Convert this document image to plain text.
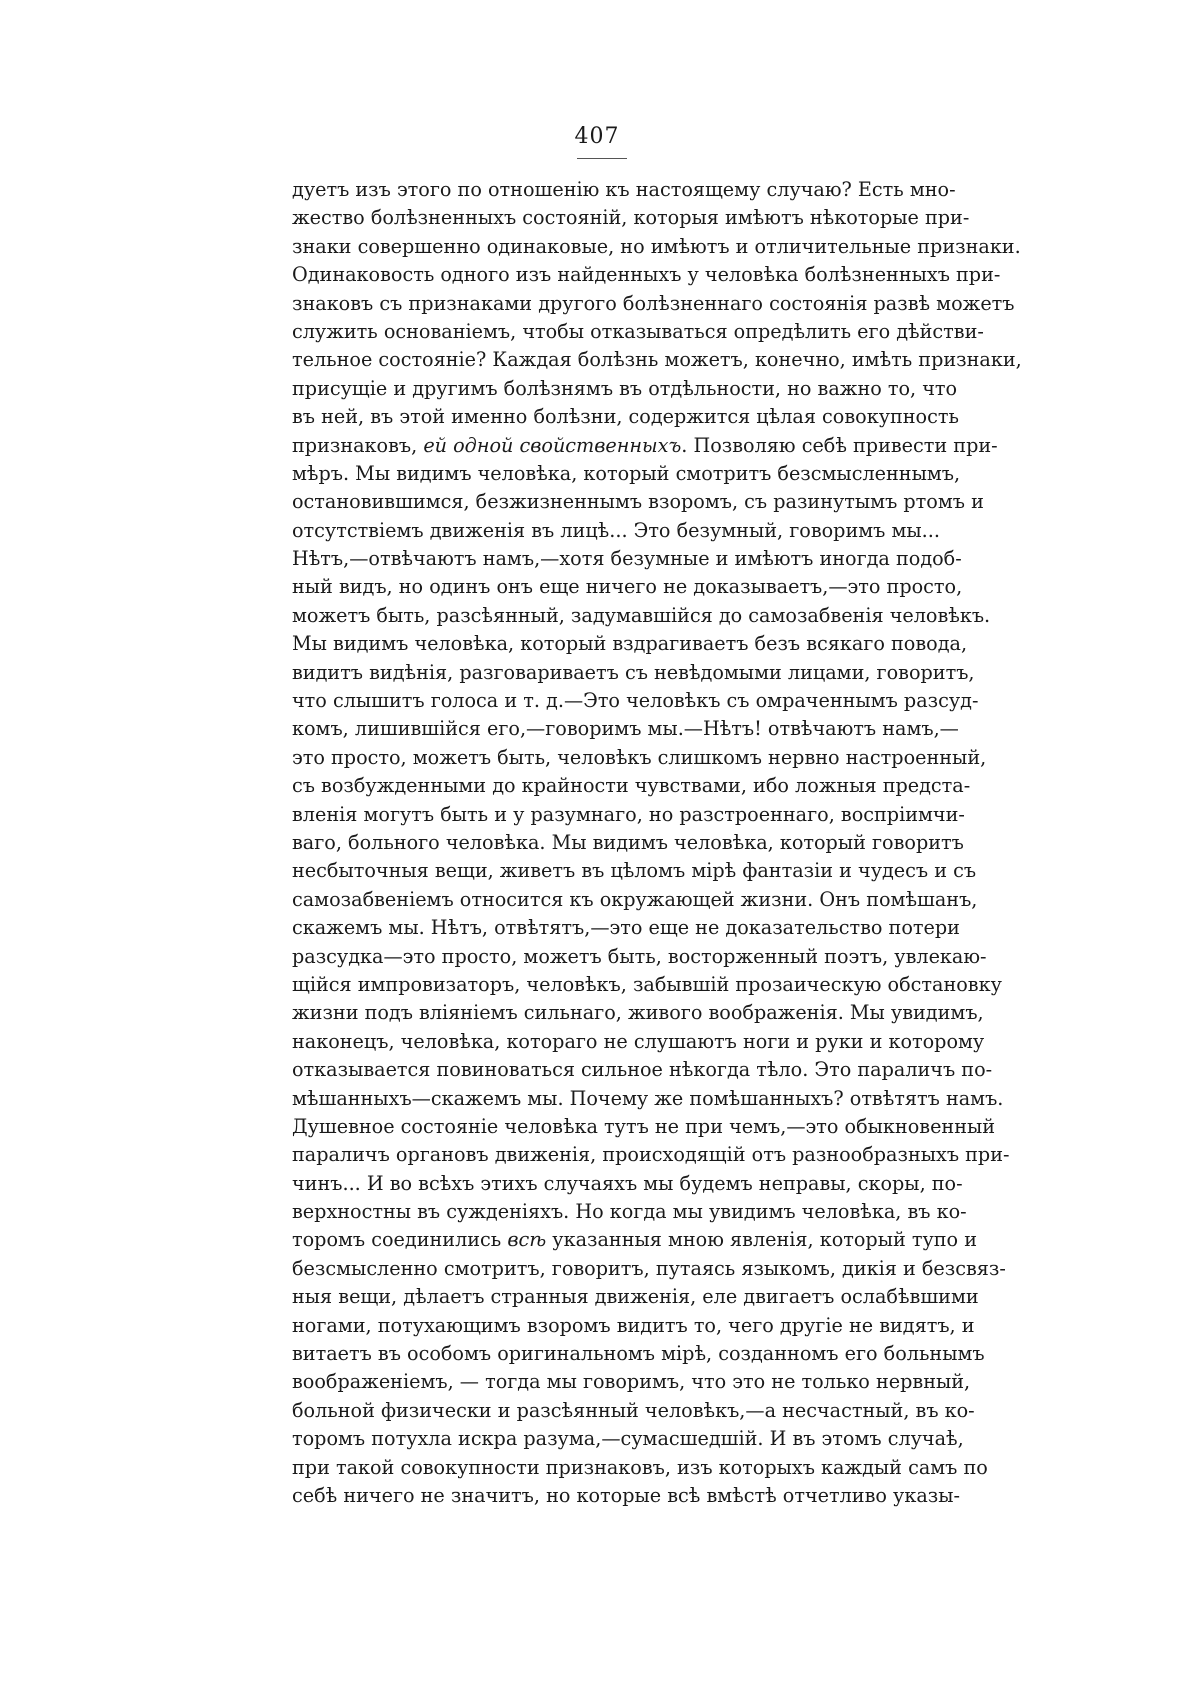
407
дуетъ изъ этого по отношенію къ настоящему случаю? Есть мно-
жество болѣзненныхъ состояній, которыя имѣютъ нѣкоторые при-
знаки совершенно одинаковые, но имѣютъ и отличительные признаки.
Одинаковость одного изъ найденныхъ у человѣка болѣзненныхъ при-
знаковъ съ признаками другого болѣзненнаго состоянія развѣ можетъ
служить основаніемъ, чтобы отказываться опредѣлить его дѣйстви-
тельное состояніе? Каждая болѣзнь можетъ, конечно, имѣть признаки,
присущіе и другимъ болѣзнямъ въ отдѣльности, но важно то, что
въ ней, въ этой именно болѣзни, содержится цѣлая совокупность
признаковъ, ей одной свойственныхъ. Позволяю себѣ привести при-
мѣръ. Мы видимъ человѣка, который смотритъ безсмысленнымъ,
остановившимся, безжизненнымъ взоромъ, съ разинутымъ ртомъ и
отсутствіемъ движенія въ лицѣ... Это безумный, говоримъ мы...
Нѣтъ,—отвѣчаютъ намъ,—хотя безумные и имѣютъ иногда подоб-
ный видъ, но одинъ онъ еще ничего не доказываетъ,—это просто,
можетъ быть, разсѣянный, задумавшійся до самозабвенія человѣкъ.
Мы видимъ человѣка, который вздрагиваетъ безъ всякаго повода,
видитъ видѣнія, разговариваетъ съ невѣдомыми лицами, говоритъ,
что слышитъ голоса и т. д.—Это человѣкъ съ омраченнымъ разсуд-
комъ, лишившійся его,—говоримъ мы.—Нѣтъ! отвѣчаютъ намъ,—
это просто, можетъ быть, человѣкъ слишкомъ нервно настроенный,
съ возбужденными до крайности чувствами, ибо ложныя предста-
вленія могутъ быть и у разумнаго, но разстроеннаго, воспріимчи-
ваго, больного человѣка. Мы видимъ человѣка, который говоритъ
несбыточныя вещи, живетъ въ цѣломъ мірѣ фантазіи и чудесъ и съ
самозабвеніемъ относится къ окружающей жизни. Онъ помѣшанъ,
скажемъ мы. Нѣтъ, отвѣтятъ,—это еще не доказательство потери
разсудка—это просто, можетъ быть, восторженный поэтъ, увлекаю-
щійся импровизаторъ, человѣкъ, забывшій прозаическую обстановку
жизни подъ вліяніемъ сильнаго, живого воображенія. Мы увидимъ,
наконецъ, человѣка, котораго не слушаютъ ноги и руки и которому
отказывается повиноваться сильное нѣкогда тѣло. Это параличъ по-
мѣшанныхъ—скажемъ мы. Почему же помѣшанныхъ? отвѣтятъ намъ.
Душевное состояніе человѣка тутъ не при чемъ,—это обыкновенный
параличъ органовъ движенія, происходящій отъ разнообразныхъ при-
чинъ... И во всѣхъ этихъ случаяхъ мы будемъ неправы, скоры, по-
верхностны въ сужденіяхъ. Но когда мы увидимъ человѣка, въ ко-
торомъ соединились всѣ указанныя мною явленія, который тупо и
безсмысленно смотритъ, говоритъ, путаясь языкомъ, дикія и безсвяз-
ныя вещи, дѣлаетъ странныя движенія, еле двигаетъ ослабѣвшими
ногами, потухающимъ взоромъ видитъ то, чего другіе не видятъ, и
витаетъ въ особомъ оригинальномъ мірѣ, созданномъ его больнымъ
воображеніемъ, — тогда мы говоримъ, что это не только нервный,
больной физически и разсѣянный человѣкъ,—а несчастный, въ ко-
торомъ потухла искра разума,—сумасшедшій. И въ этомъ случаѣ,
при такой совокупности признаковъ, изъ которыхъ каждый самъ по
себѣ ничего не значитъ, но которые всѣ вмѣстѣ отчетливо указы-
